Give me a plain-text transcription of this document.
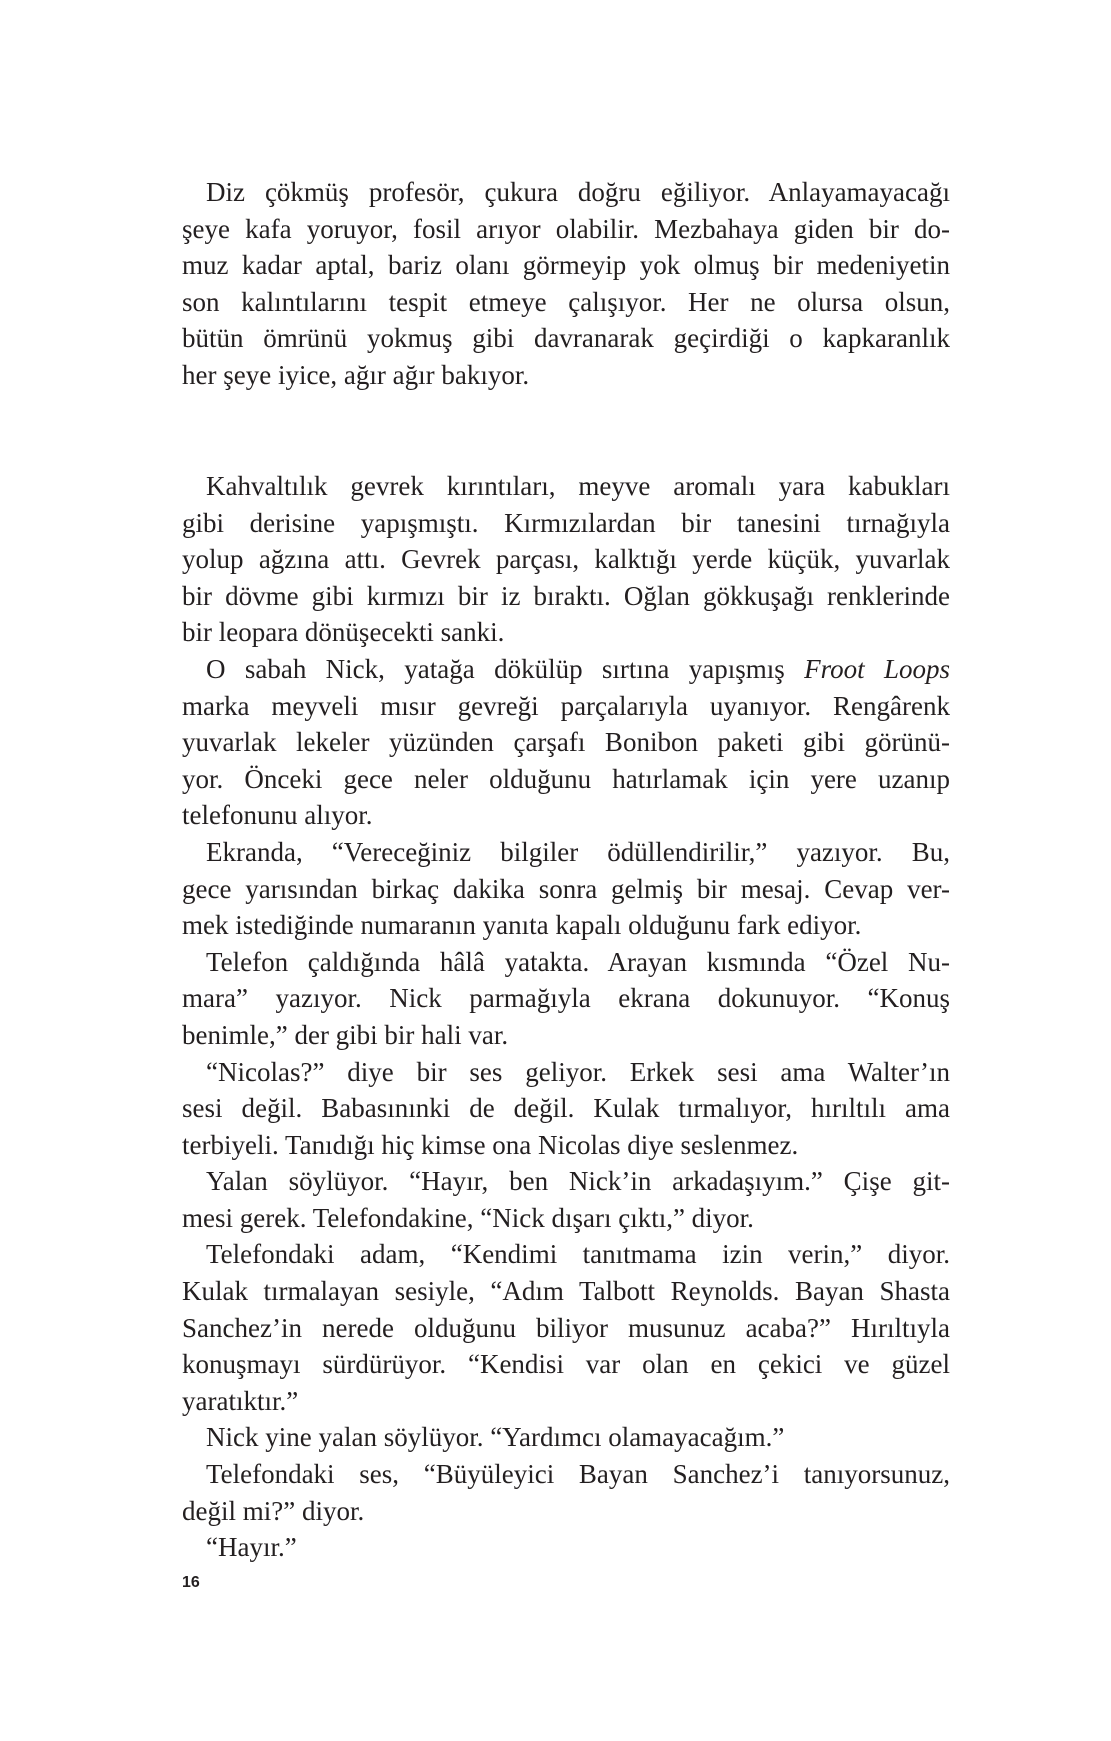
Diz çökmüş profesör, çukura doğru eğiliyor. Anlayamayacağı
şeye kafa yoruyor, fosil arıyor olabilir. Mezbahaya giden bir do-
muz kadar aptal, bariz olanı görmeyip yok olmuş bir medeniyetin
son kalıntılarını tespit etmeye çalışıyor. Her ne olursa olsun,
bütün ömrünü yokmuş gibi davranarak geçirdiği o kapkaranlık
her şeye iyice, ağır ağır bakıyor.
Kahvaltılık gevrek kırıntıları, meyve aromalı yara kabukları
gibi derisine yapışmıştı. Kırmızılardan bir tanesini tırnağıyla
yolup ağzına attı. Gevrek parçası, kalktığı yerde küçük, yuvarlak
bir dövme gibi kırmızı bir iz bıraktı. Oğlan gökkuşağı renklerinde
bir leopara dönüşecekti sanki.
O sabah Nick, yatağa dökülüp sırtına yapışmış Froot Loops
marka meyveli mısır gevreği parçalarıyla uyanıyor. Rengârenk
yuvarlak lekeler yüzünden çarşafı Bonibon paketi gibi görünü-
yor. Önceki gece neler olduğunu hatırlamak için yere uzanıp
telefonunu alıyor.
Ekranda, “Vereceğiniz bilgiler ödüllendirilir,” yazıyor. Bu,
gece yarısından birkaç dakika sonra gelmiş bir mesaj. Cevap ver-
mek istediğinde numaranın yanıta kapalı olduğunu fark ediyor.
Telefon çaldığında hâlâ yatakta. Arayan kısmında “Özel Nu-
mara” yazıyor. Nick parmağıyla ekrana dokunuyor. “Konuş
benimle,” der gibi bir hali var.
“Nicolas?” diye bir ses geliyor. Erkek sesi ama Walter’ın
sesi değil. Babasınınki de değil. Kulak tırmalıyor, hırıltılı ama
terbiyeli. Tanıdığı hiç kimse ona Nicolas diye seslenmez.
Yalan söylüyor. “Hayır, ben Nick’in arkadaşıyım.” Çişe git-
mesi gerek. Telefondakine, “Nick dışarı çıktı,” diyor.
Telefondaki adam, “Kendimi tanıtmama izin verin,” diyor.
Kulak tırmalayan sesiyle, “Adım Talbott Reynolds. Bayan Shasta
Sanchez’in nerede olduğunu biliyor musunuz acaba?” Hırıltıyla
konuşmayı sürdürüyor. “Kendisi var olan en çekici ve güzel
yaratıktır.”
Nick yine yalan söylüyor. “Yardımcı olamayacağım.”
Telefondaki ses, “Büyüleyici Bayan Sanchez’i tanıyorsunuz,
değil mi?” diyor.
“Hayır.”
16
